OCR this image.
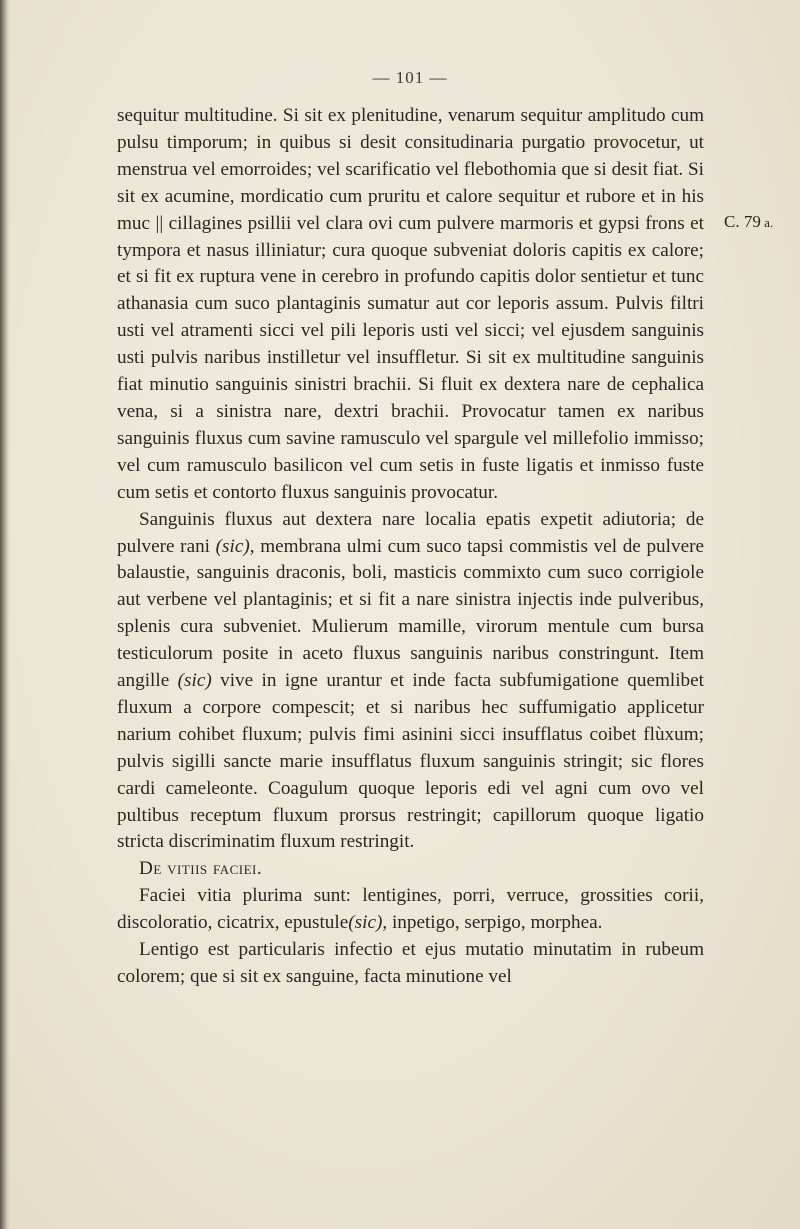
— 101 —
C. 79 a.

sequitur multitudine. Si sit ex plenitudine, venarum sequitur amplitudo cum pulsu timporum; in quibus si desit consitudinaria purgatio provocetur, ut menstrua vel emorroides; vel scarificatio vel flebothomia que si desit fiat. Si sit ex acumine, mordicatio cum pruritu et calore sequitur et rubore et in his muc || cillagines psillii vel clara ovi cum pulvere marmoris et gypsi frons et tympora et nasus illiniatur; cura quoque subveniat doloris capitis ex calore; et si fit ex ruptura vene in cerebro in profundo capitis dolor sentietur et tunc athanasia cum suco plantaginis sumatur aut cor leporis assum. Pulvis filtri usti vel atramenti sicci vel pili leporis usti vel sicci; vel ejusdem sanguinis usti pulvis naribus instilletur vel insuffletur. Si sit ex multitudine sanguinis fiat minutio sanguinis sinistri brachii. Si fluit ex dextera nare de cephalica vena, si a sinistra nare, dextri brachii. Provocatur tamen ex naribus sanguinis fluxus cum savine ramusculo vel spargule vel millefolio immisso; vel cum ramusculo basilicon vel cum setis in fuste ligatis et inmisso fuste cum setis et contorto fluxus sanguinis provocatur.

Sanguinis fluxus aut dextera nare localia epatis expetit adiutoria; de pulvere rani (sic), membrana ulmi cum suco tapsi commistis vel de pulvere balaustie, sanguinis draconis, boli, masticis commixto cum suco corrigiole aut verbene vel plantaginis; et si fit a nare sinistra injectis inde pulveribus, splenis cura subveniet. Mulierum mamille, virorum mentule cum bursa testiculorum posite in aceto fluxus sanguinis naribus constringunt. Item angille (sic) vive in igne urantur et inde facta subfumigatione quemlibet fluxum a corpore compescit; et si naribus hec suffumigatio applicetur narium cohibet fluxum; pulvis fimi asinini sicci insufflatus coibet flùxum; pulvis sigilli sancte marie insufflatus fluxum sanguinis stringit; sic flores cardi cameleonte. Coagulum quoque leporis edi vel agni cum ovo vel pultibus receptum fluxum prorsus restringit; capillorum quoque ligatio stricta discriminatim fluxum restringit.

De vitiis faciei.

Faciei vitia plurima sunt: lentigines, porri, verruce, grossities corii, discoloratio, cicatrix, epustule(sic), inpetigo, serpigo, morphea.

Lentigo est particularis infectio et ejus mutatio minutatim in rubeum colorem; que si sit ex sanguine, facta minutione vel
